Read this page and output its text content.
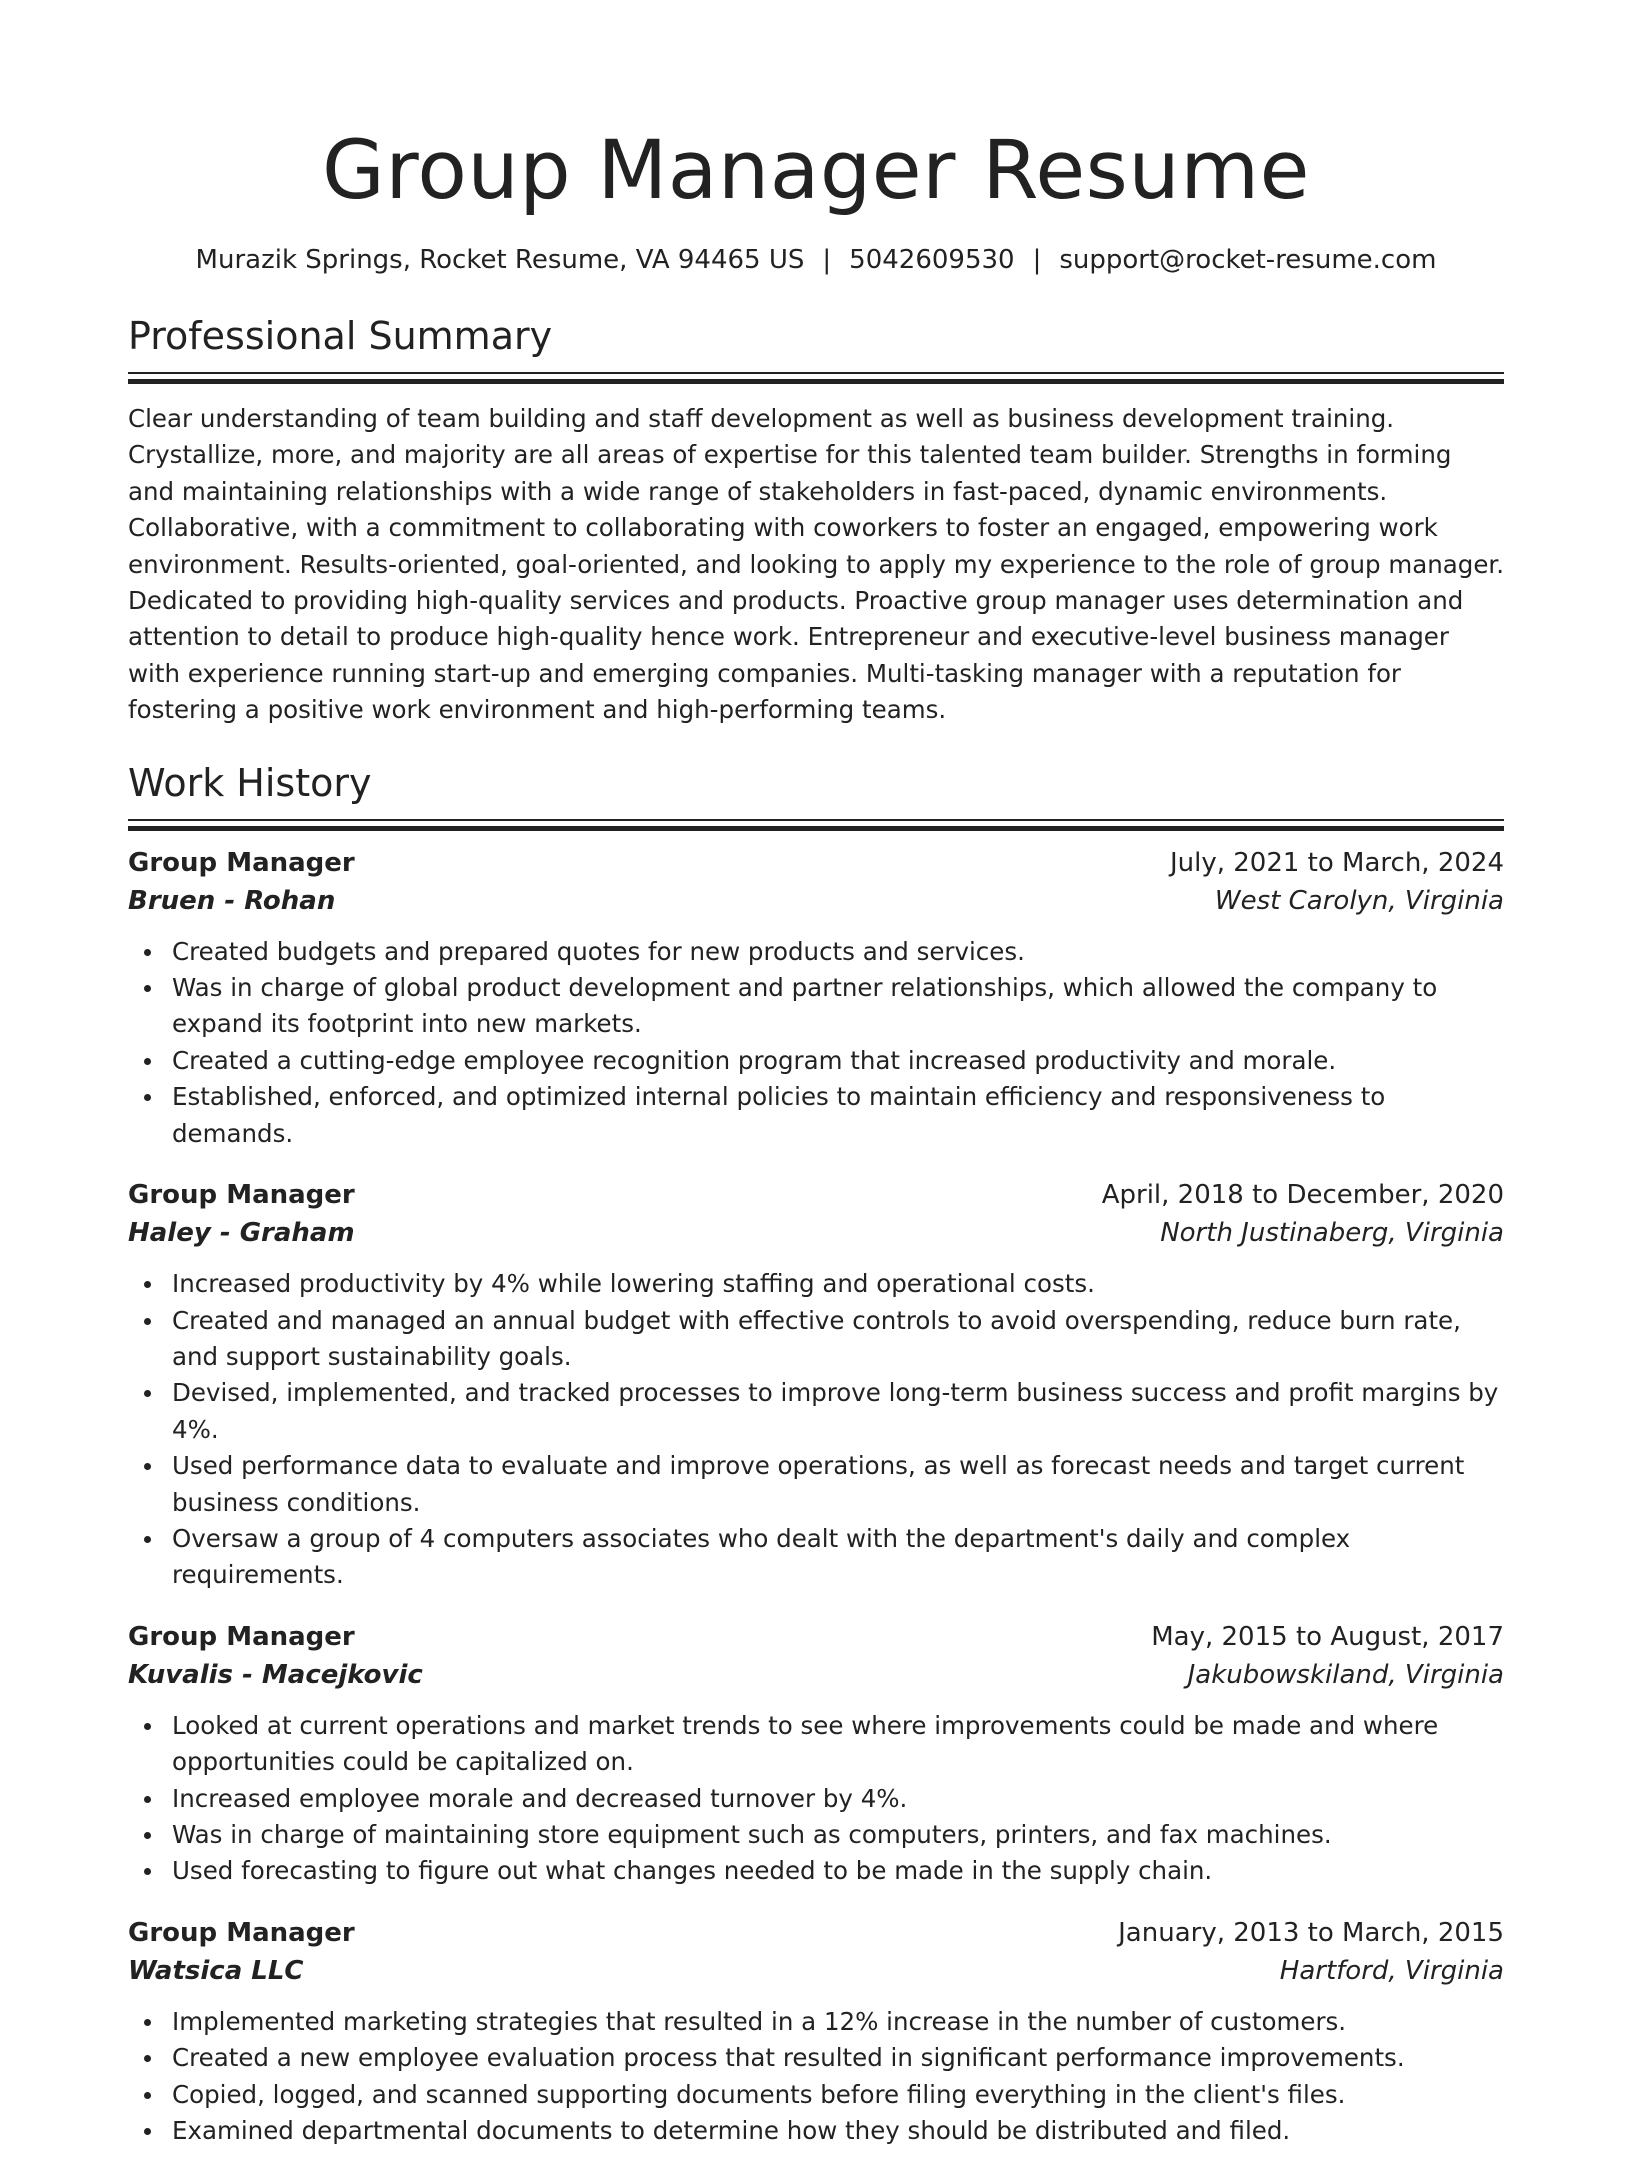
Group Manager Resume
Murazik Springs, Rocket Resume, VA 94465 US | 5042609530 | support@rocket-resume.com
Professional Summary

Clear understanding of team building and staff development as well as business development training. Crystallize, more, and majority are all areas of expertise for this talented team builder. Strengths in forming and maintaining relationships with a wide range of stakeholders in fast-paced, dynamic environments. Collaborative, with a commitment to collaborating with coworkers to foster an engaged, empowering work environment. Results-oriented, goal-oriented, and looking to apply my experience to the role of group manager. Dedicated to providing high-quality services and products. Proactive group manager uses determination and attention to detail to produce high-quality hence work. Entrepreneur and executive-level business manager with experience running start-up and emerging companies. Multi-tasking manager with a reputation for fostering a positive work environment and high-performing teams.

Work History
Group Manager	July, 2021 to March, 2024
Bruen - Rohan	West Carolyn, Virginia
Created budgets and prepared quotes for new products and services.
Was in charge of global product development and partner relationships, which allowed the company to expand its footprint into new markets.
Created a cutting-edge employee recognition program that increased productivity and morale.
Established, enforced, and optimized internal policies to maintain efficiency and responsiveness to demands.
Group Manager	April, 2018 to December, 2020
Haley - Graham	North Justinaberg, Virginia
Increased productivity by 4% while lowering staffing and operational costs.
Created and managed an annual budget with effective controls to avoid overspending, reduce burn rate, and support sustainability goals.
Devised, implemented, and tracked processes to improve long-term business success and profit margins by 4%.
Used performance data to evaluate and improve operations, as well as forecast needs and target current business conditions.
Oversaw a group of 4 computers associates who dealt with the department's daily and complex requirements.
Group Manager	May, 2015 to August, 2017
Kuvalis - Macejkovic	Jakubowskiland, Virginia
Looked at current operations and market trends to see where improvements could be made and where opportunities could be capitalized on.
Increased employee morale and decreased turnover by 4%.
Was in charge of maintaining store equipment such as computers, printers, and fax machines.
Used forecasting to figure out what changes needed to be made in the supply chain.
Group Manager	January, 2013 to March, 2015
Watsica LLC	Hartford, Virginia
Implemented marketing strategies that resulted in a 12% increase in the number of customers.
Created a new employee evaluation process that resulted in significant performance improvements.
Copied, logged, and scanned supporting documents before filing everything in the client's files.
Examined departmental documents to determine how they should be distributed and filed.
